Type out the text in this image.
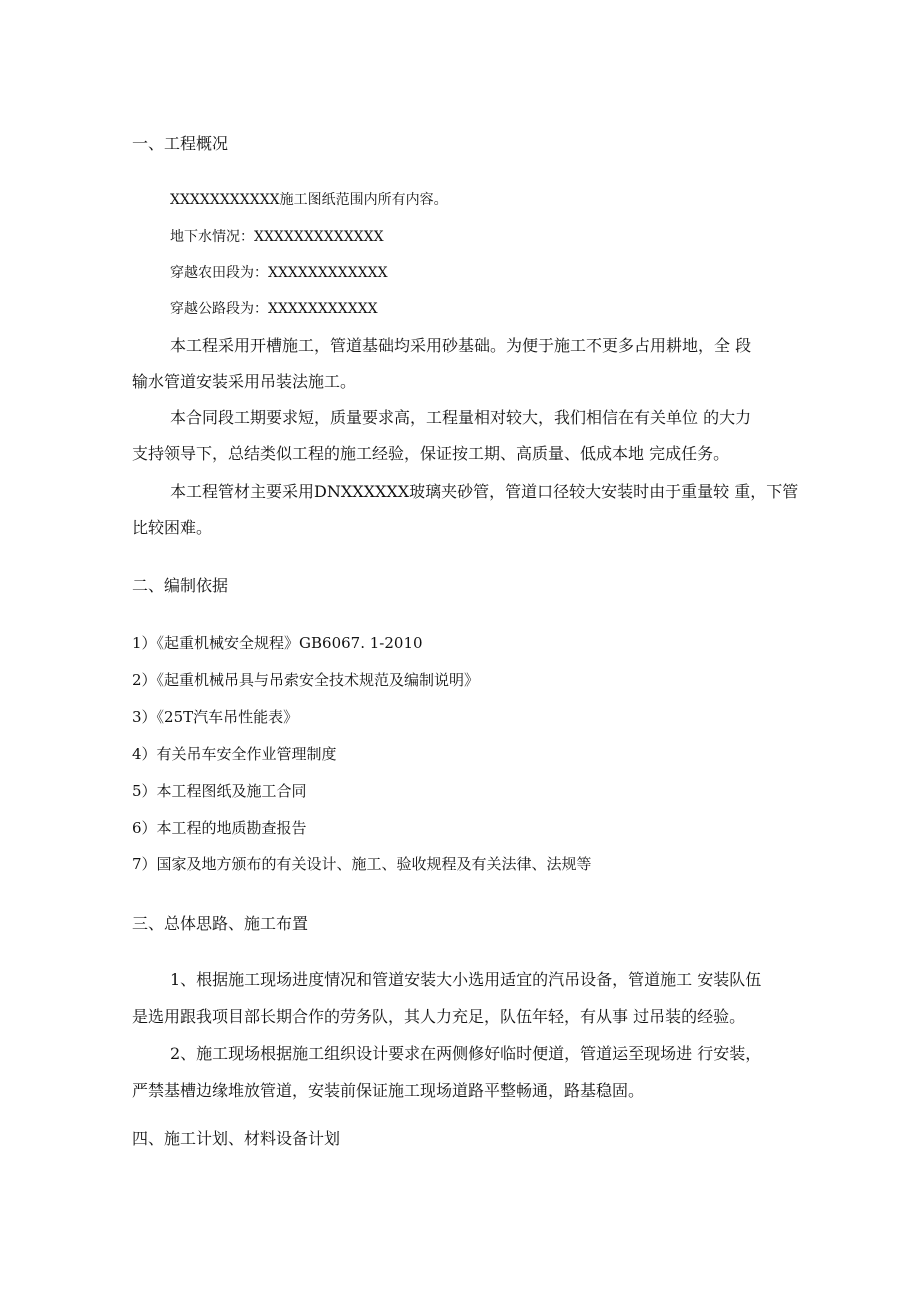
一、工程概况
XXXXXXXXXXX施工图纸范围内所有内容。
地下水情况：XXXXXXXXXXXXX
穿越农田段为：XXXXXXXXXXXX
穿越公路段为：XXXXXXXXXXX
本工程采用开槽施工，管道基础均采用砂基础。为便于施工不更多占用耕地，全 段
输水管道安装采用吊装法施工。
本合同段工期要求短，质量要求高，工程量相对较大，我们相信在有关单位 的大力
支持领导下，总结类似工程的施工经验，保证按工期、高质量、低成本地 完成任务。
本工程管材主要采用DNXXXXXX玻璃夹砂管，管道口径较大安装时由于重量较 重，下管
比较困难。
二、编制依据
1）《起重机械安全规程》GB6067. 1-2010
2）《起重机械吊具与吊索安全技术规范及编制说明》
3）《25T汽车吊性能表》
4）有关吊车安全作业管理制度
5）本工程图纸及施工合同
6）本工程的地质勘查报告
7）国家及地方颁布的有关设计、施工、验收规程及有关法律、法规等
三、总体思路、施工布置
1、根据施工现场进度情况和管道安装大小选用适宜的汽吊设备，管道施工 安装队伍
是选用跟我项目部长期合作的劳务队，其人力充足，队伍年轻，有从事 过吊装的经验。
2、施工现场根据施工组织设计要求在两侧修好临时便道，管道运至现场进 行安装，
严禁基槽边缘堆放管道，安装前保证施工现场道路平整畅通，路基稳固。
四、施工计划、材料设备计划
